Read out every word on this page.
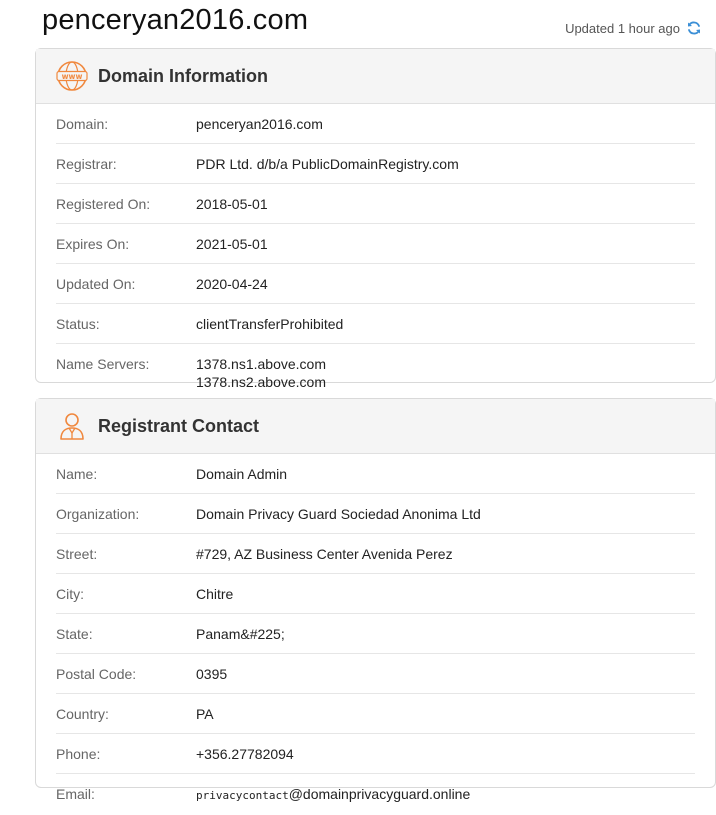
penceryan2016.com	Updated 1 hour ago
www Domain Information
Domain:	penceryan2016.com
Registrar:	PDR Ltd. d/b/a PublicDomainRegistry.com
Registered On:	2018-05-01
Expires On:	2021-05-01
Updated On:	2020-04-24
Status:	clientTransferProhibited
Name Servers:	1378.ns1.above.com
1378.ns2.above.com
Registrant Contact
Name:	Domain Admin
Organization:	Domain Privacy Guard Sociedad Anonima Ltd
Street:	#729, AZ Business Center Avenida Perez
City:	Chitre
State:	Panam&#225;
Postal Code:	0395
Country:	PA
Phone:	+356.27782094
Email:	privacycontact@domainprivacyguard.online
